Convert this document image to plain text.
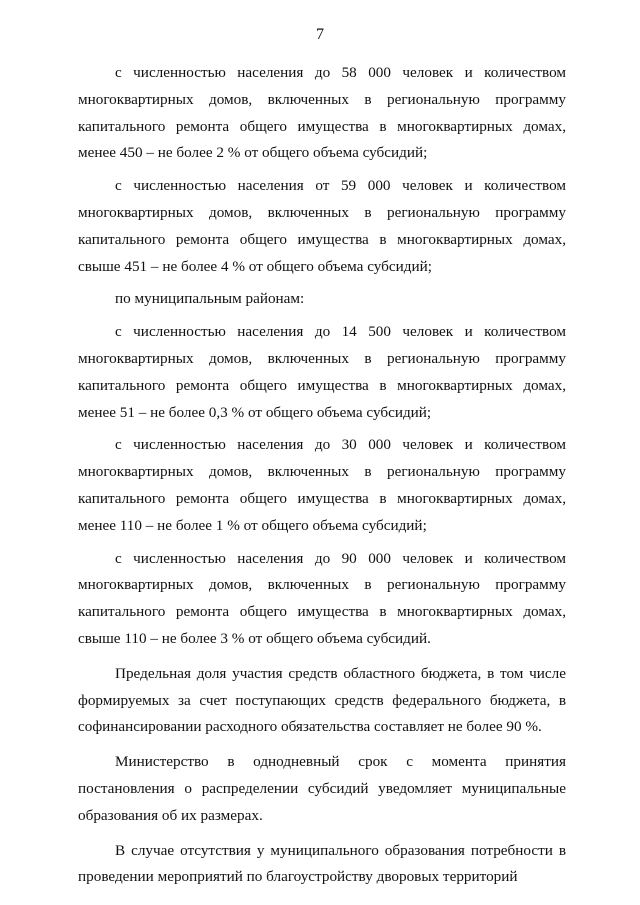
7

с численностью населения до 58 000 человек и количеством многоквартирных домов, включенных в региональную программу капитального ремонта общего имущества в многоквартирных домах, менее 450 – не более 2 % от общего объема субсидий;

с численностью населения от 59 000 человек и количеством многоквартирных домов, включенных в региональную программу капитального ремонта общего имущества в многоквартирных домах, свыше 451 – не более 4 % от общего объема субсидий;

по муниципальным районам:

с численностью населения до 14 500 человек и количеством многоквартирных домов, включенных в региональную программу капитального ремонта общего имущества в многоквартирных домах, менее 51 – не более 0,3 % от общего объема субсидий;

с численностью населения до 30 000 человек и количеством многоквартирных домов, включенных в региональную программу капитального ремонта общего имущества в многоквартирных домах, менее 110 – не более 1 % от общего объема субсидий;

с численностью населения до 90 000 человек и количеством многоквартирных домов, включенных в региональную программу капитального ремонта общего имущества в многоквартирных домах, свыше 110 – не более 3 % от общего объема субсидий.

Предельная доля участия средств областного бюджета, в том числе формируемых за счет поступающих средств федерального бюджета, в софинансировании расходного обязательства составляет не более 90 %.

Министерство в однодневный срок с момента принятия постановления о распределении субсидий уведомляет муниципальные образования об их размерах.

В случае отсутствия у муниципального образования потребности в проведении мероприятий по благоустройству дворовых территорий
